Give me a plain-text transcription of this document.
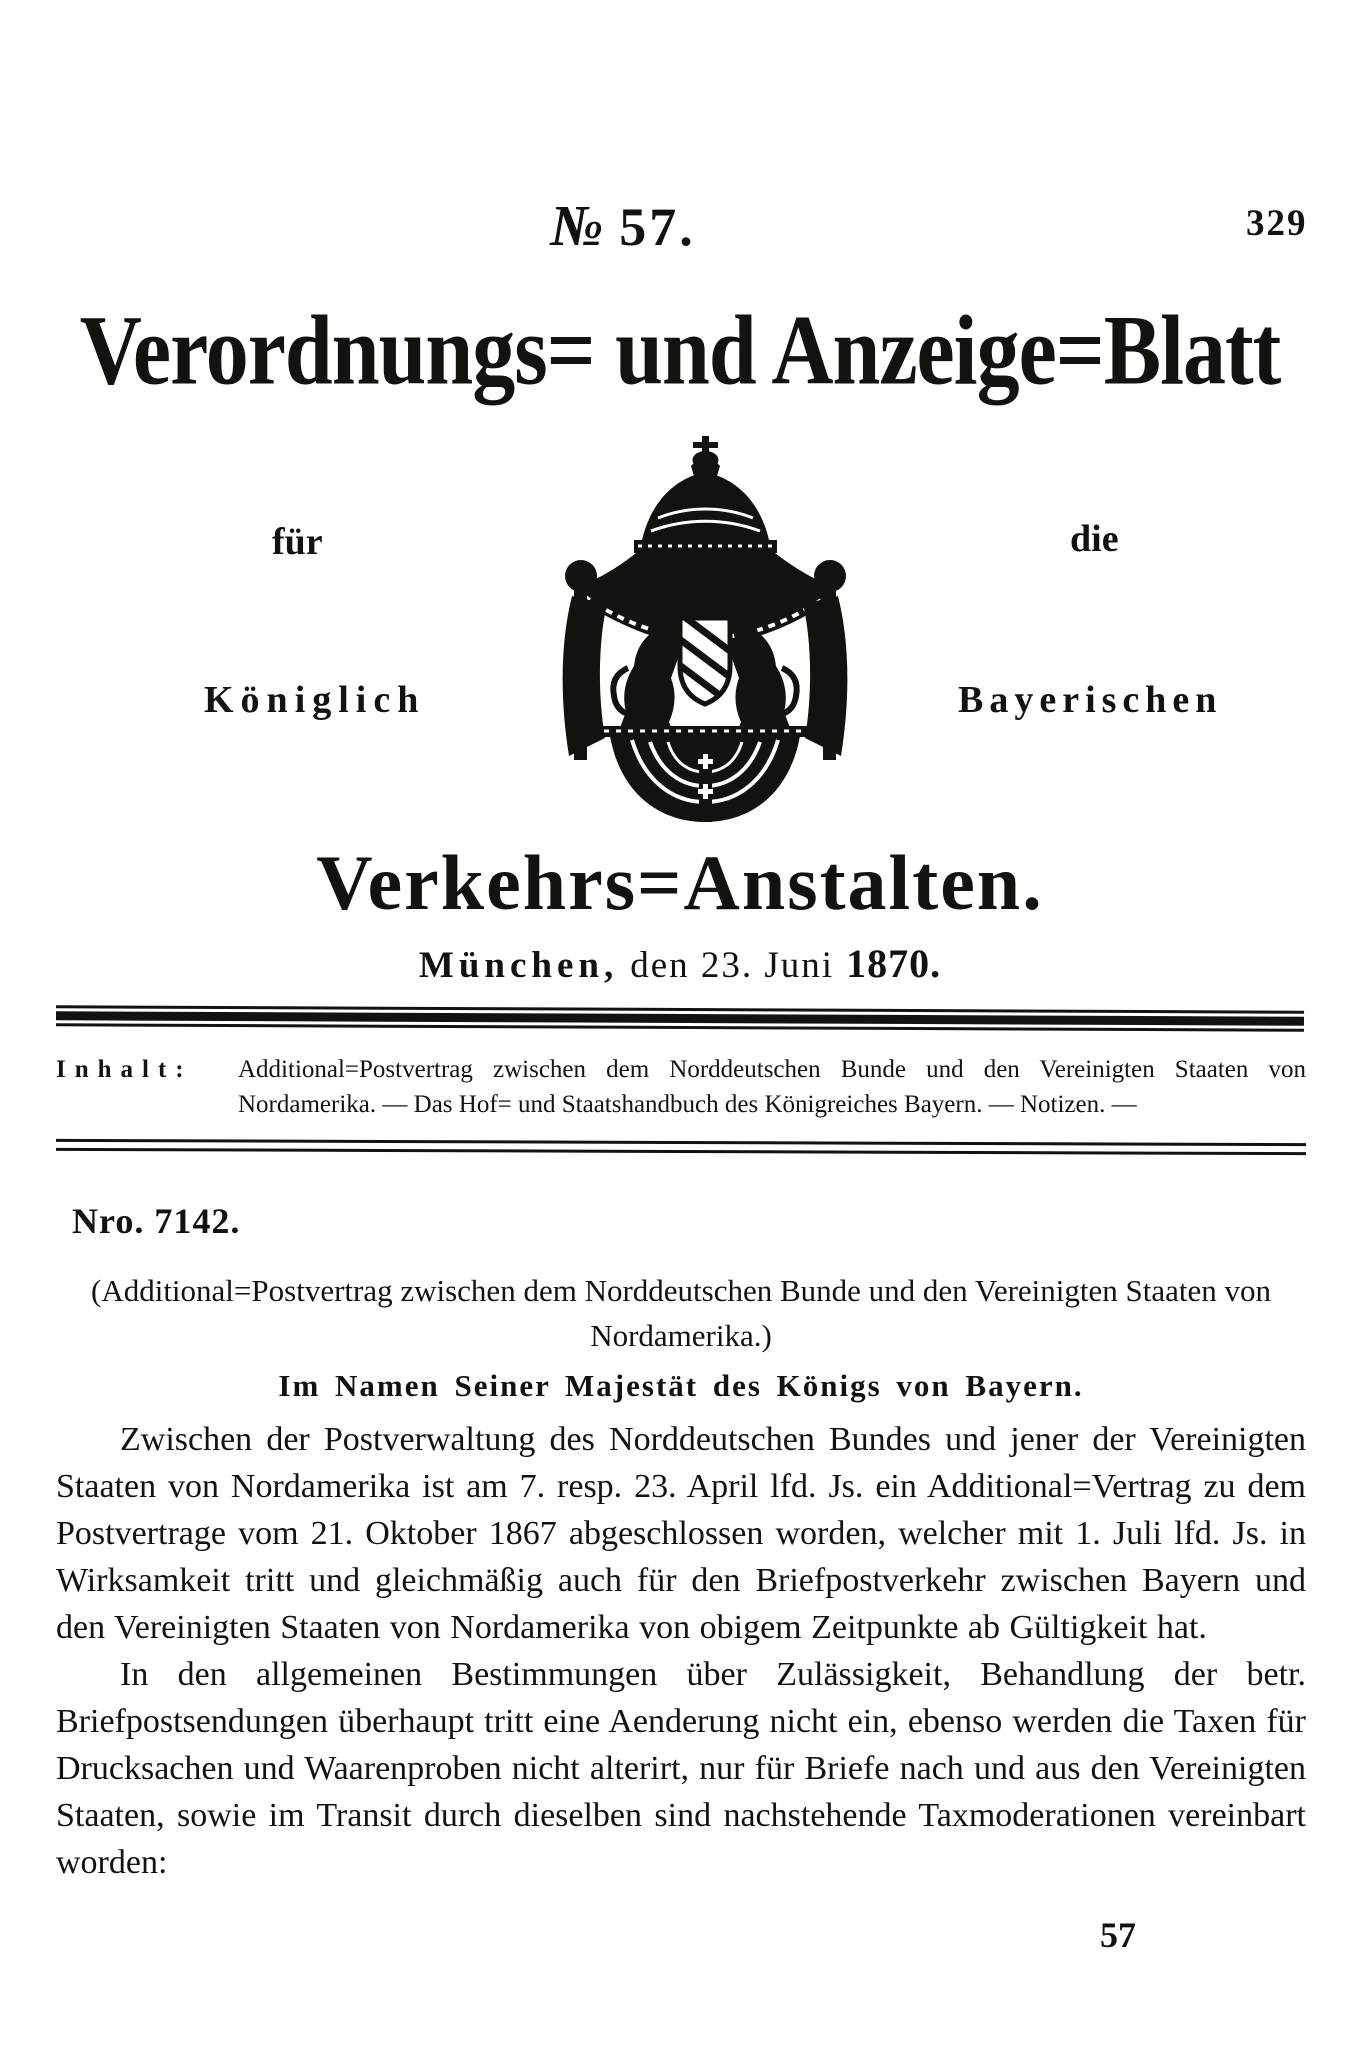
№ 57.	329
Verordnungs= und Anzeige=Blatt
für	die
Königlich	Bayerischen
Verkehrs=Anstalten.
München, den 23. Juni 1870.
Inhalt:	Additional=Postvertrag zwischen dem Norddeutschen Bunde und den Vereinigten Staaten von Nordamerika. — Das Hof= und Staatshandbuch des Königreiches Bayern. — Notizen. —
Nro. 7142.
(Additional=Postvertrag zwischen dem Norddeutschen Bunde und den Vereinigten Staaten von Nordamerika.)
Im Namen Seiner Majestät des Königs von Bayern.

Zwischen der Postverwaltung des Norddeutschen Bundes und jener der Vereinigten Staaten von Nordamerika ist am 7. resp. 23. April lfd. Js. ein Additional=Vertrag zu dem Postvertrage vom 21. Oktober 1867 abgeschlossen worden, welcher mit 1. Juli lfd. Js. in Wirksamkeit tritt und gleichmäßig auch für den Briefpostverkehr zwischen Bayern und den Vereinigten Staaten von Nordamerika von obigem Zeitpunkte ab Gültigkeit hat.

In den allgemeinen Bestimmungen über Zulässigkeit, Behandlung der betr. Briefpostsendungen überhaupt tritt eine Aenderung nicht ein, ebenso werden die Taxen für Drucksachen und Waarenproben nicht alterirt, nur für Briefe nach und aus den Vereinigten Staaten, sowie im Transit durch dieselben sind nachstehende Taxmoderationen vereinbart worden:

57
